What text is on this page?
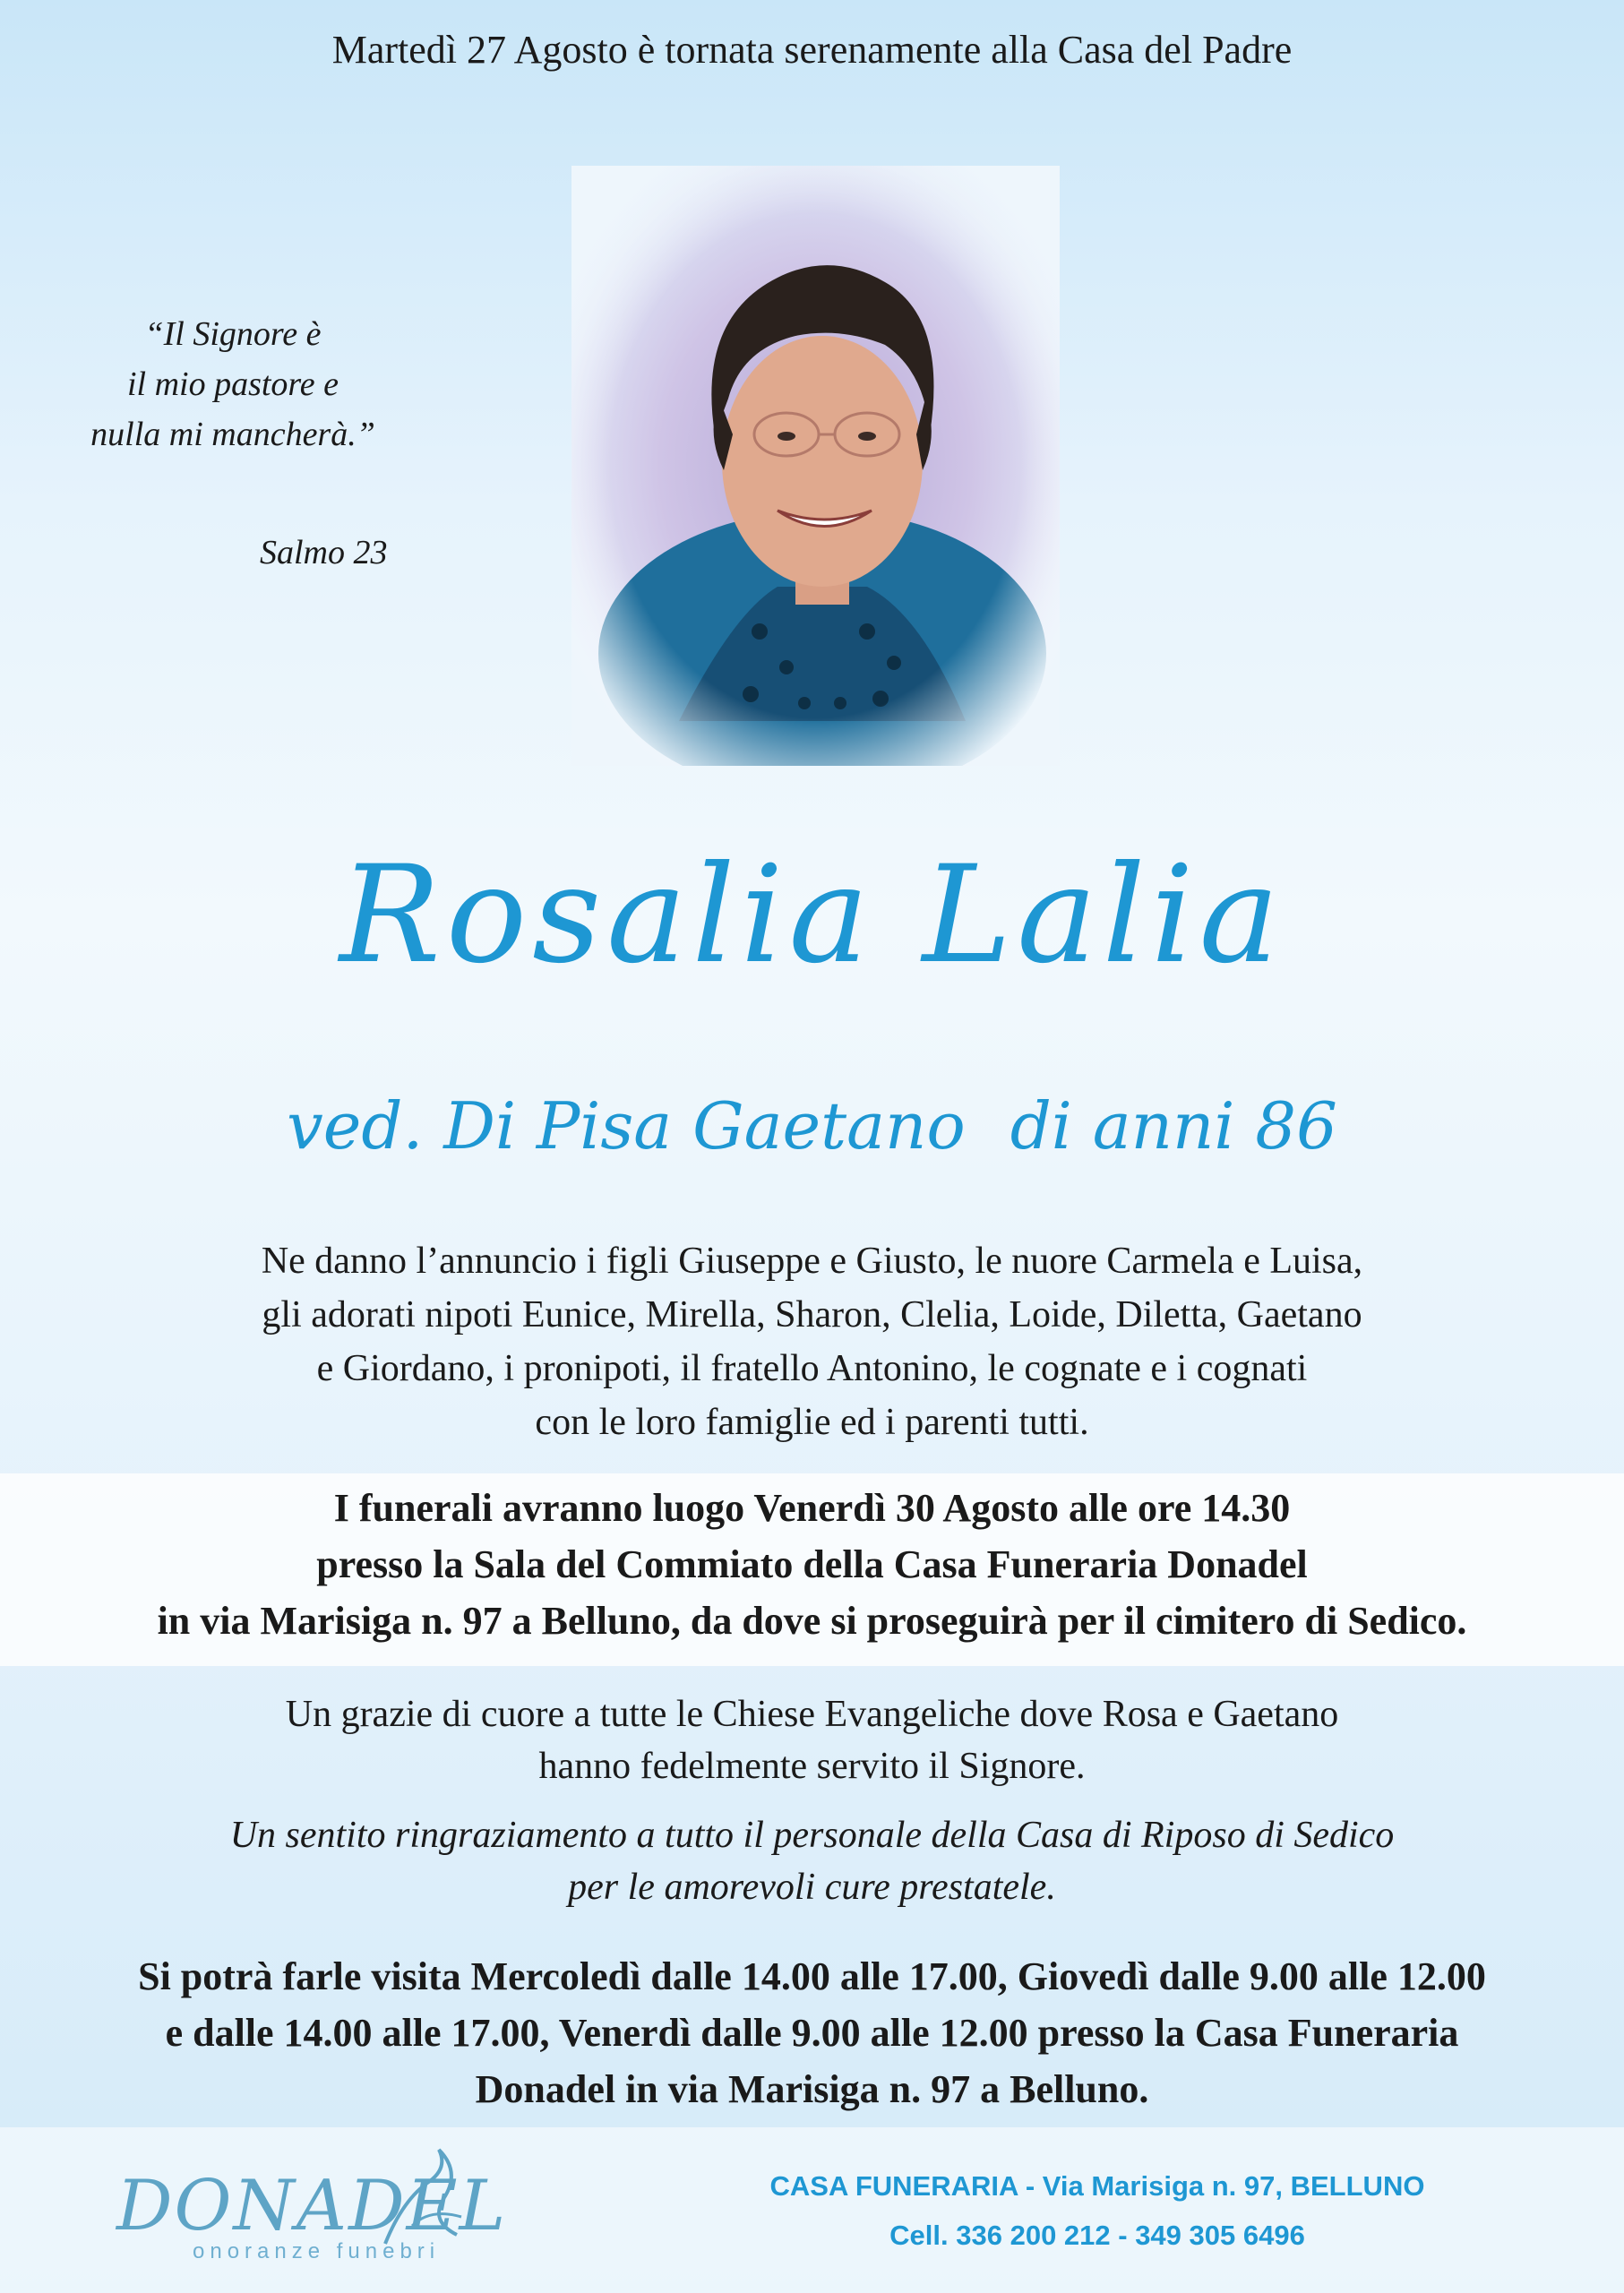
Martedì 27 Agosto è tornata serenamente alla Casa del Padre
“Il Signore è
il mio pastore e
nulla mi mancherà.”
Salmo 23
Rosalia Lalia
ved. Di Pisa Gaetano di anni 86
Ne danno l’annuncio i figli Giuseppe e Giusto, le nuore Carmela e Luisa,
gli adorati nipoti Eunice, Mirella, Sharon, Clelia, Loide, Diletta, Gaetano
e Giordano, i pronipoti, il fratello Antonino, le cognate e i cognati
con le loro famiglie ed i parenti tutti.
I funerali avranno luogo Venerdì 30 Agosto alle ore 14.30
presso la Sala del Commiato della Casa Funeraria Donadel
in via Marisiga n. 97 a Belluno, da dove si proseguirà per il cimitero di Sedico.
Un grazie di cuore a tutte le Chiese Evangeliche dove Rosa e Gaetano
hanno fedelmente servito il Signore.
Un sentito ringraziamento a tutto il personale della Casa di Riposo di Sedico
per le amorevoli cure prestatele.
Si potrà farle visita Mercoledì dalle 14.00 alle 17.00, Giovedì dalle 9.00 alle 12.00
e dalle 14.00 alle 17.00, Venerdì dalle 9.00 alle 12.00 presso la Casa Funeraria
Donadel in via Marisiga n. 97 a Belluno.
DONADEL
onoranze funebri
CASA FUNERARIA - Via Marisiga n. 97, BELLUNO
Cell. 336 200 212 - 349 305 6496
